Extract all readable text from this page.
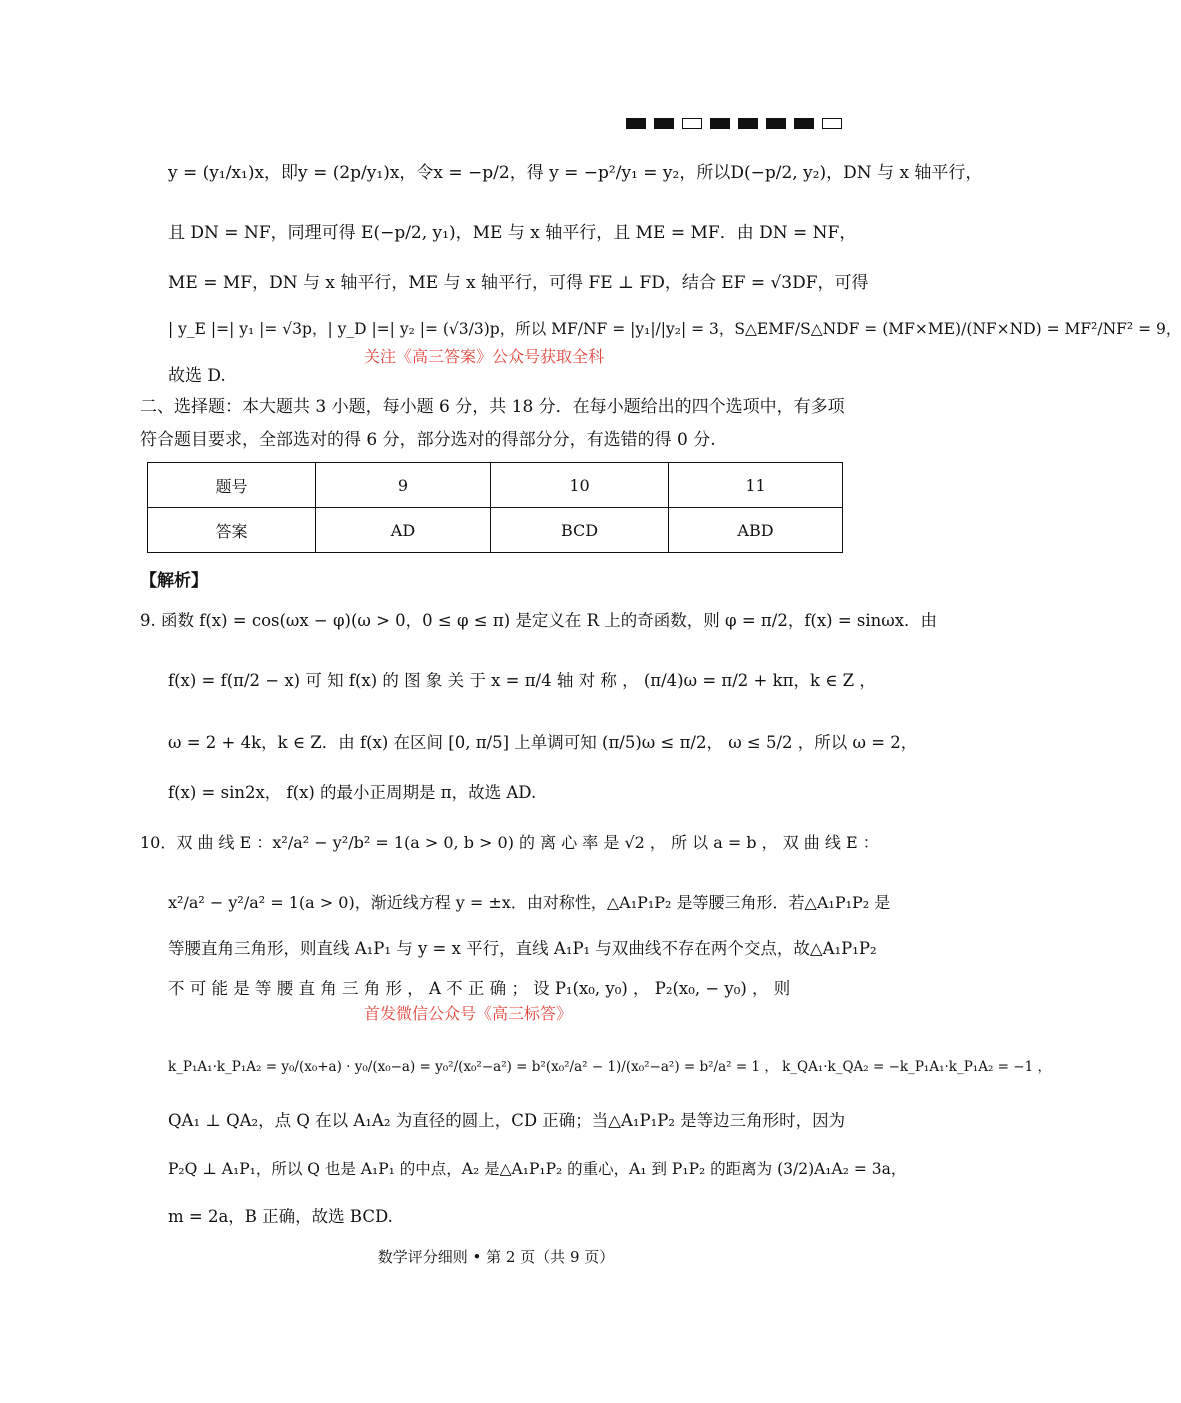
y = (y₁/x₁)x，即y = (2p/y₁)x，令x = −p/2，得 y = −p²/y₁ = y₂，所以D(−p/2, y₂)，DN 与 x 轴平行，
且 DN = NF，同理可得 E(−p/2, y₁)，ME 与 x 轴平行，且 ME = MF．由 DN = NF，
ME = MF，DN 与 x 轴平行，ME 与 x 轴平行，可得 FE ⊥ FD，结合 EF = √3DF，可得
| y_E |=| y₁ |= √3p，| y_D |=| y₂ |= (√3/3)p，所以 MF/NF = |y₁|/|y₂| = 3，S△EMF/S△NDF = (MF×ME)/(NF×ND) = MF²/NF² = 9，
关注《高三答案》公众号获取全科
故选 D.
二、选择题：本大题共 3 小题，每小题 6 分，共 18 分．在每小题给出的四个选项中，有多项
符合题目要求，全部选对的得 6 分，部分选对的得部分分，有选错的得 0 分.
题号	9	10	11
答案	AD	BCD	ABD
【解析】
9. 函数 f(x) = cos(ωx − φ)(ω > 0，0 ≤ φ ≤ π) 是定义在 R 上的奇函数，则 φ = π/2，f(x) = sinωx．由
f(x) = f(π/2 − x) 可 知 f(x) 的 图 象 关 于 x = π/4 轴 对 称 ， (π/4)ω = π/2 + kπ，k ∈ Z ，
ω = 2 + 4k，k ∈ Z．由 f(x) 在区间 [0, π/5] 上单调可知 (π/5)ω ≤ π/2， ω ≤ 5/2 ，所以 ω = 2，
f(x) = sin2x， f(x) 的最小正周期是 π，故选 AD.
10．双 曲 线 E ：x²/a² − y²/b² = 1(a > 0, b > 0) 的 离 心 率 是 √2 ， 所 以 a = b ， 双 曲 线 E ：
x²/a² − y²/a² = 1(a > 0)，渐近线方程 y = ±x．由对称性，△A₁P₁P₂ 是等腰三角形．若△A₁P₁P₂ 是
等腰直角三角形，则直线 A₁P₁ 与 y = x 平行，直线 A₁P₁ 与双曲线不存在两个交点，故△A₁P₁P₂
不 可 能 是 等 腰 直 角 三 角 形 ， A 不 正 确 ； 设 P₁(x₀, y₀) ， P₂(x₀, − y₀) ， 则
首发微信公众号《高三标答》
k_P₁A₁·k_P₁A₂ = y₀/(x₀+a) · y₀/(x₀−a) = y₀²/(x₀²−a²) = b²(x₀²/a² − 1)/(x₀²−a²) = b²/a² = 1 ， k_QA₁·k_QA₂ = −k_P₁A₁·k_P₁A₂ = −1 ，
QA₁ ⊥ QA₂，点 Q 在以 A₁A₂ 为直径的圆上，CD 正确；当△A₁P₁P₂ 是等边三角形时，因为
P₂Q ⊥ A₁P₁，所以 Q 也是 A₁P₁ 的中点，A₂ 是△A₁P₁P₂ 的重心，A₁ 到 P₁P₂ 的距离为 (3/2)A₁A₂ = 3a，
m = 2a，B 正确，故选 BCD.
数学评分细则 • 第 2 页（共 9 页）
